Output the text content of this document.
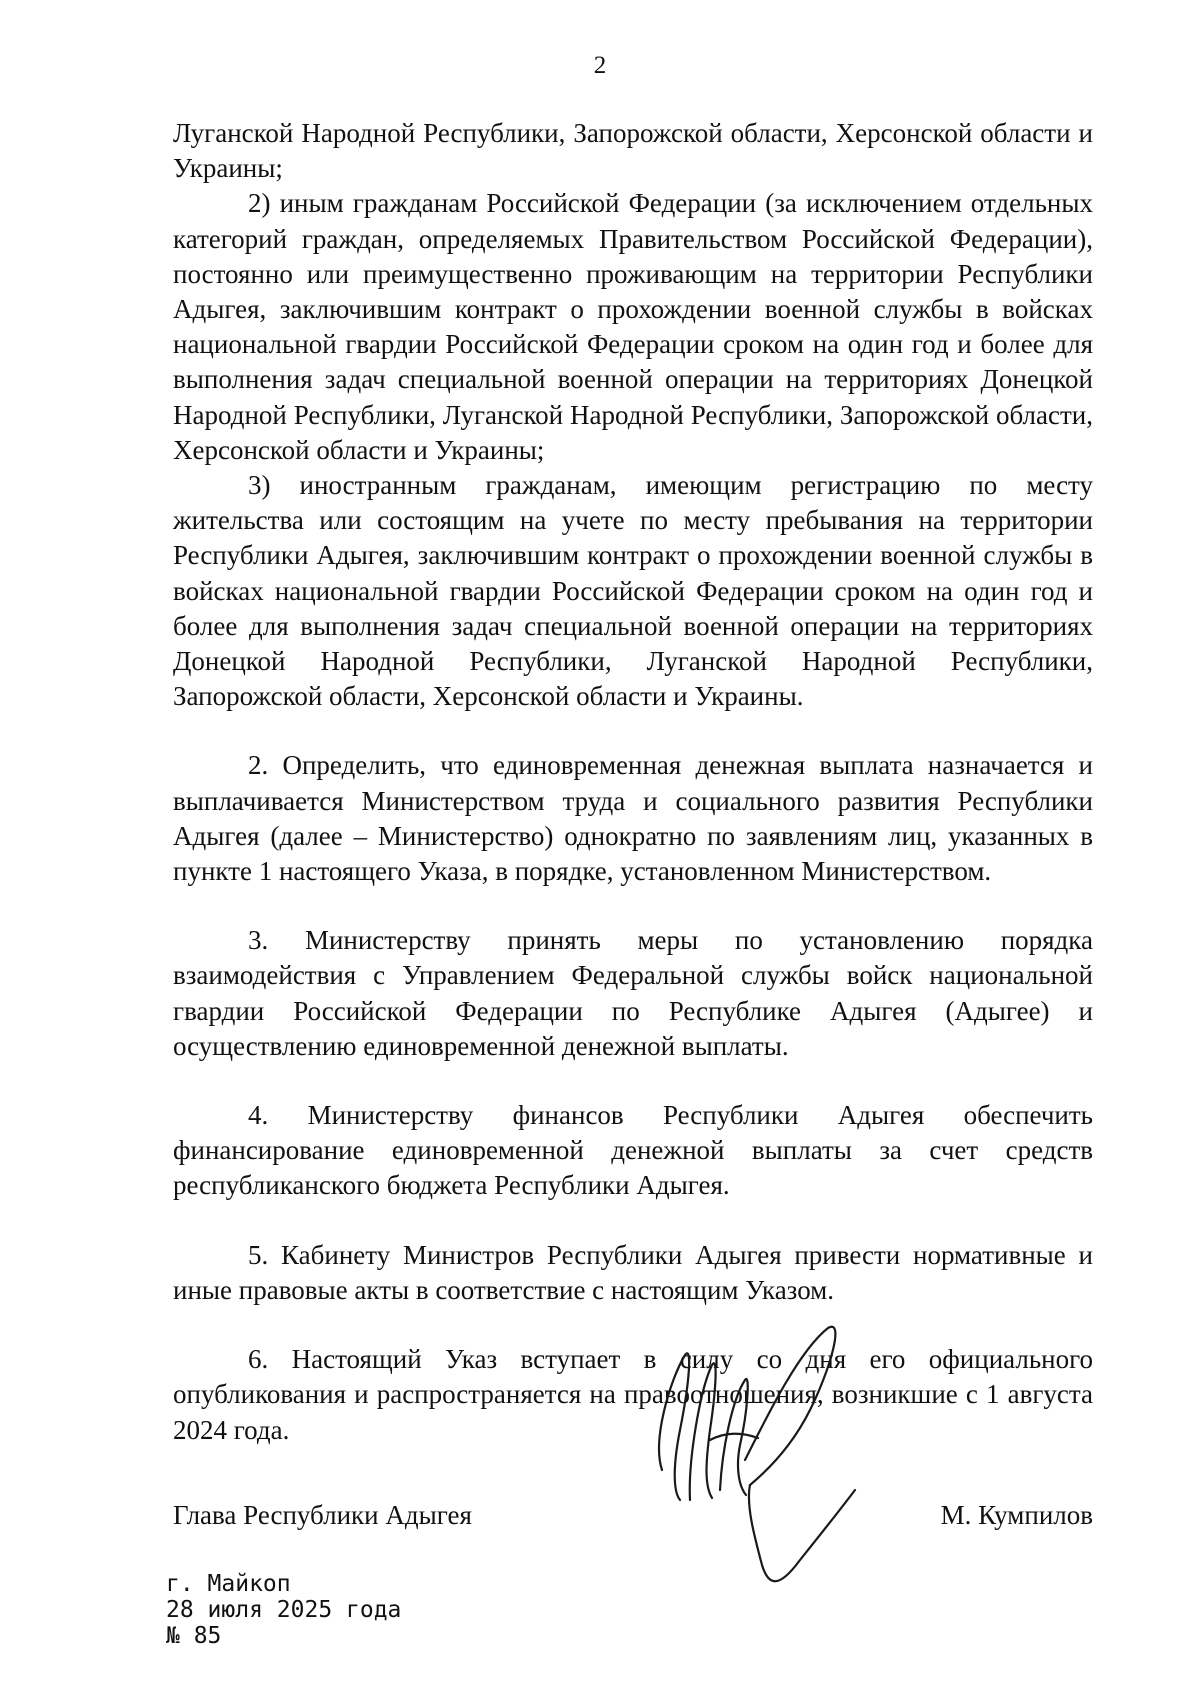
2

Луганской Народной Республики, Запорожской области, Херсонской области и Украины;

2) иным гражданам Российской Федерации (за исключением отдельных категорий граждан, определяемых Правительством Российской Федерации), постоянно или преимущественно проживающим на территории Республики Адыгея, заключившим контракт о прохождении военной службы в войсках национальной гвардии Российской Федерации сроком на один год и более для выполнения задач специальной военной операции на территориях Донецкой Народной Республики, Луганской Народной Республики, Запорожской области, Херсонской области и Украины;

3) иностранным гражданам, имеющим регистрацию по месту жительства или состоящим на учете по месту пребывания на территории Республики Адыгея, заключившим контракт о прохождении военной службы в войсках национальной гвардии Российской Федерации сроком на один год и более для выполнения задач специальной военной операции на территориях Донецкой Народной Республики, Луганской Народной Республики, Запорожской области, Херсонской области и Украины.

2. Определить, что единовременная денежная выплата назначается и выплачивается Министерством труда и социального развития Республики Адыгея (далее – Министерство) однократно по заявлениям лиц, указанных в пункте 1 настоящего Указа, в порядке, установленном Министерством.

3. Министерству принять меры по установлению порядка взаимодействия с Управлением Федеральной службы войск национальной гвардии Российской Федерации по Республике Адыгея (Адыгее) и осуществлению единовременной денежной выплаты.

4. Министерству финансов Республики Адыгея обеспечить финансирование единовременной денежной выплаты за счет средств республиканского бюджета Республики Адыгея.

5. Кабинету Министров Республики Адыгея привести нормативные и иные правовые акты в соответствие с настоящим Указом.

6. Настоящий Указ вступает в силу со дня его официального опубликования и распространяется на правоотношения, возникшие с 1 августа 2024 года.

Глава Республики Адыгея	М. Кумпилов
г. Майкоп
28 июля 2025 года
№ 85
